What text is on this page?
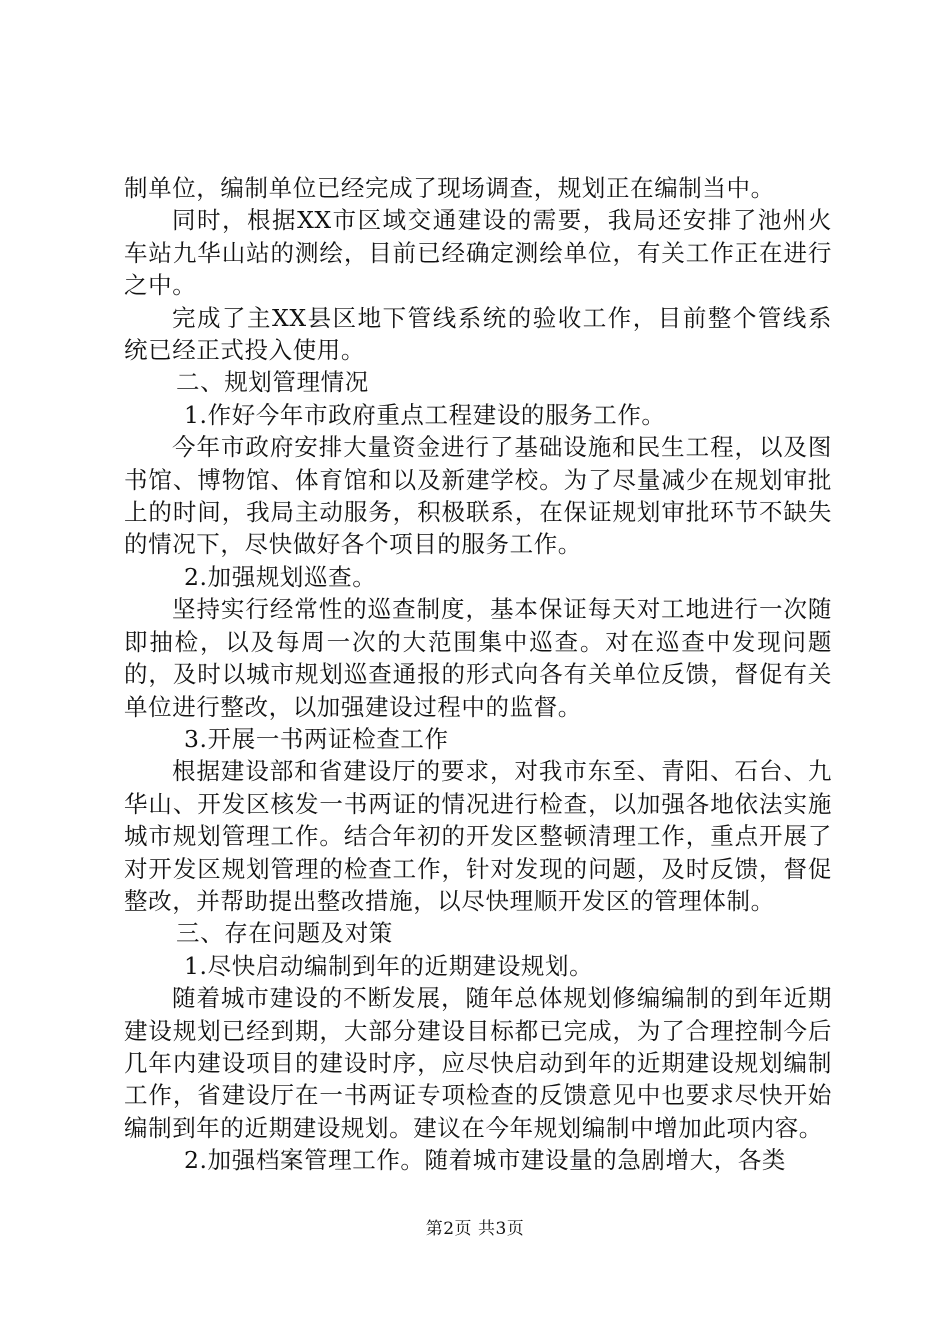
制单位，编制单位已经完成了现场调查，规划正在编制当中。

同时，根据XX市区域交通建设的需要，我局还安排了池州火车站九华山站的测绘，目前已经确定测绘单位，有关工作正在进行之中。

完成了主XX县区地下管线系统的验收工作，目前整个管线系统已经正式投入使用。

二、规划管理情况

1.作好今年市政府重点工程建设的服务工作。

今年市政府安排大量资金进行了基础设施和民生工程，以及图书馆、博物馆、体育馆和以及新建学校。为了尽量减少在规划审批上的时间，我局主动服务，积极联系，在保证规划审批环节不缺失的情况下，尽快做好各个项目的服务工作。

2.加强规划巡查。

坚持实行经常性的巡查制度，基本保证每天对工地进行一次随即抽检，以及每周一次的大范围集中巡查。对在巡查中发现问题的，及时以城市规划巡查通报的形式向各有关单位反馈，督促有关单位进行整改，以加强建设过程中的监督。

3.开展一书两证检查工作

根据建设部和省建设厅的要求，对我市东至、青阳、石台、九华山、开发区核发一书两证的情况进行检查，以加强各地依法实施城市规划管理工作。结合年初的开发区整顿清理工作，重点开展了对开发区规划管理的检查工作，针对发现的问题，及时反馈，督促整改，并帮助提出整改措施，以尽快理顺开发区的管理体制。

三、存在问题及对策

1.尽快启动编制到年的近期建设规划。

随着城市建设的不断发展，随年总体规划修编编制的到年近期建设规划已经到期，大部分建设目标都已完成，为了合理控制今后几年内建设项目的建设时序，应尽快启动到年的近期建设规划编制工作，省建设厅在一书两证专项检查的反馈意见中也要求尽快开始编制到年的近期建设规划。建议在今年规划编制中增加此项内容。

2.加强档案管理工作。随着城市建设量的急剧增大，各类

第2页 共3页
